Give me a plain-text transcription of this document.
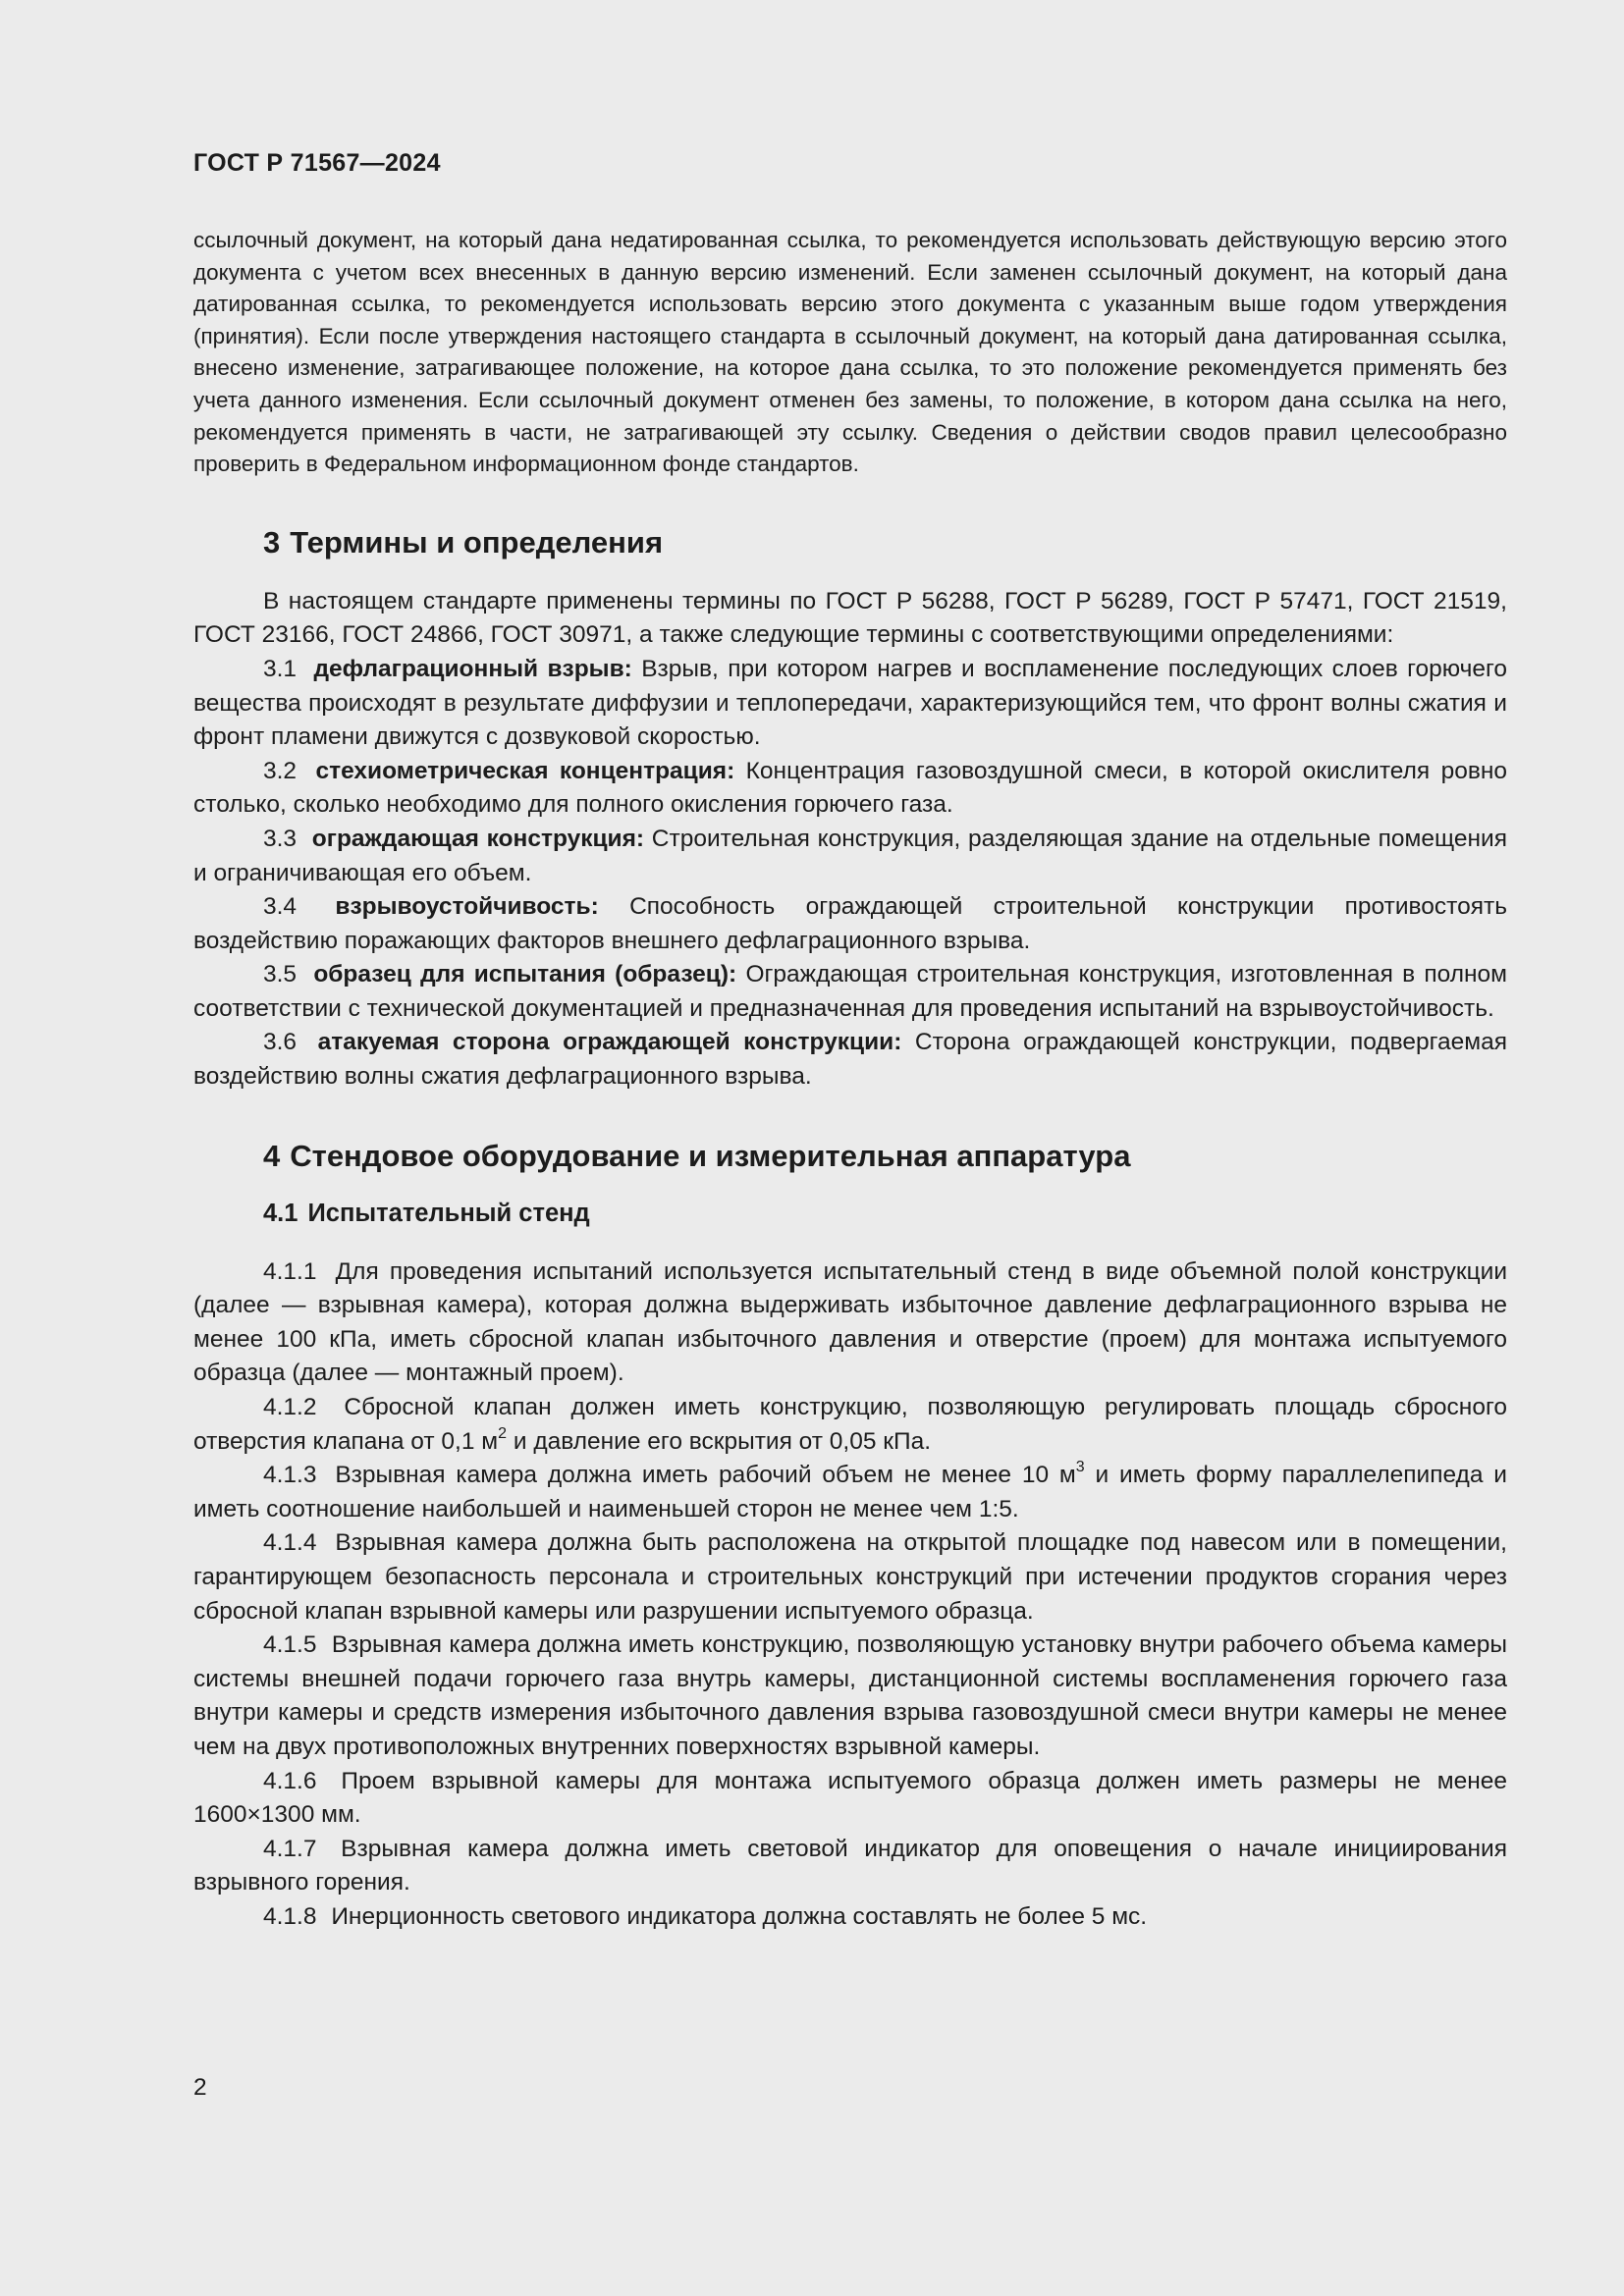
ГОСТ Р 71567—2024

ссылочный документ, на который дана недатированная ссылка, то рекомендуется использовать действующую версию этого документа с учетом всех внесенных в данную версию изменений. Если заменен ссылочный документ, на который дана датированная ссылка, то рекомендуется использовать версию этого документа с указанным выше годом утверждения (принятия). Если после утверждения настоящего стандарта в ссылочный документ, на который дана датированная ссылка, внесено изменение, затрагивающее положение, на которое дана ссылка, то это положение рекомендуется применять без учета данного изменения. Если ссылочный документ отменен без замены, то положение, в котором дана ссылка на него, рекомендуется применять в части, не затрагивающей эту ссылку. Сведения о действии сводов правил целесообразно проверить в Федеральном информационном фонде стандартов.

3 Термины и определения

В настоящем стандарте применены термины по ГОСТ Р 56288, ГОСТ Р 56289, ГОСТ Р 57471, ГОСТ 21519, ГОСТ 23166, ГОСТ 24866, ГОСТ 30971, а также следующие термины с соответствующими определениями:

3.1 дефлаграционный взрыв: Взрыв, при котором нагрев и воспламенение последующих слоев горючего вещества происходят в результате диффузии и теплопередачи, характеризующийся тем, что фронт волны сжатия и фронт пламени движутся с дозвуковой скоростью.

3.2 стехиометрическая концентрация: Концентрация газовоздушной смеси, в которой окислителя ровно столько, сколько необходимо для полного окисления горючего газа.

3.3 ограждающая конструкция: Строительная конструкция, разделяющая здание на отдельные помещения и ограничивающая его объем.

3.4 взрывоустойчивость: Способность ограждающей строительной конструкции противостоять воздействию поражающих факторов внешнего дефлаграционного взрыва.

3.5 образец для испытания (образец): Ограждающая строительная конструкция, изготовленная в полном соответствии с технической документацией и предназначенная для проведения испытаний на взрывоустойчивость.

3.6 атакуемая сторона ограждающей конструкции: Сторона ограждающей конструкции, подвергаемая воздействию волны сжатия дефлаграционного взрыва.

4 Стендовое оборудование и измерительная аппаратура
4.1 Испытательный стенд

4.1.1 Для проведения испытаний используется испытательный стенд в виде объемной полой конструкции (далее — взрывная камера), которая должна выдерживать избыточное давление дефлаграционного взрыва не менее 100 кПа, иметь сбросной клапан избыточного давления и отверстие (проем) для монтажа испытуемого образца (далее — монтажный проем).

4.1.2 Сбросной клапан должен иметь конструкцию, позволяющую регулировать площадь сбросного отверстия клапана от 0,1 $м^2$ и давление его вскрытия от 0,05 кПа.

4.1.3 Взрывная камера должна иметь рабочий объем не менее 10 $м^3$ и иметь форму параллелепипеда и иметь соотношение наибольшей и наименьшей сторон не менее чем 1:5.

4.1.4 Взрывная камера должна быть расположена на открытой площадке под навесом или в помещении, гарантирующем безопасность персонала и строительных конструкций при истечении продуктов сгорания через сбросной клапан взрывной камеры или разрушении испытуемого образца.

4.1.5 Взрывная камера должна иметь конструкцию, позволяющую установку внутри рабочего объема камеры системы внешней подачи горючего газа внутрь камеры, дистанционной системы воспламенения горючего газа внутри камеры и средств измерения избыточного давления взрыва газовоздушной смеси внутри камеры не менее чем на двух противоположных внутренних поверхностях взрывной камеры.

4.1.6 Проем взрывной камеры для монтажа испытуемого образца должен иметь размеры не менее 1600×1300 мм.

4.1.7 Взрывная камера должна иметь световой индикатор для оповещения о начале инициирования взрывного горения.

4.1.8 Инерционность светового индикатора должна составлять не более 5 мс.

2
